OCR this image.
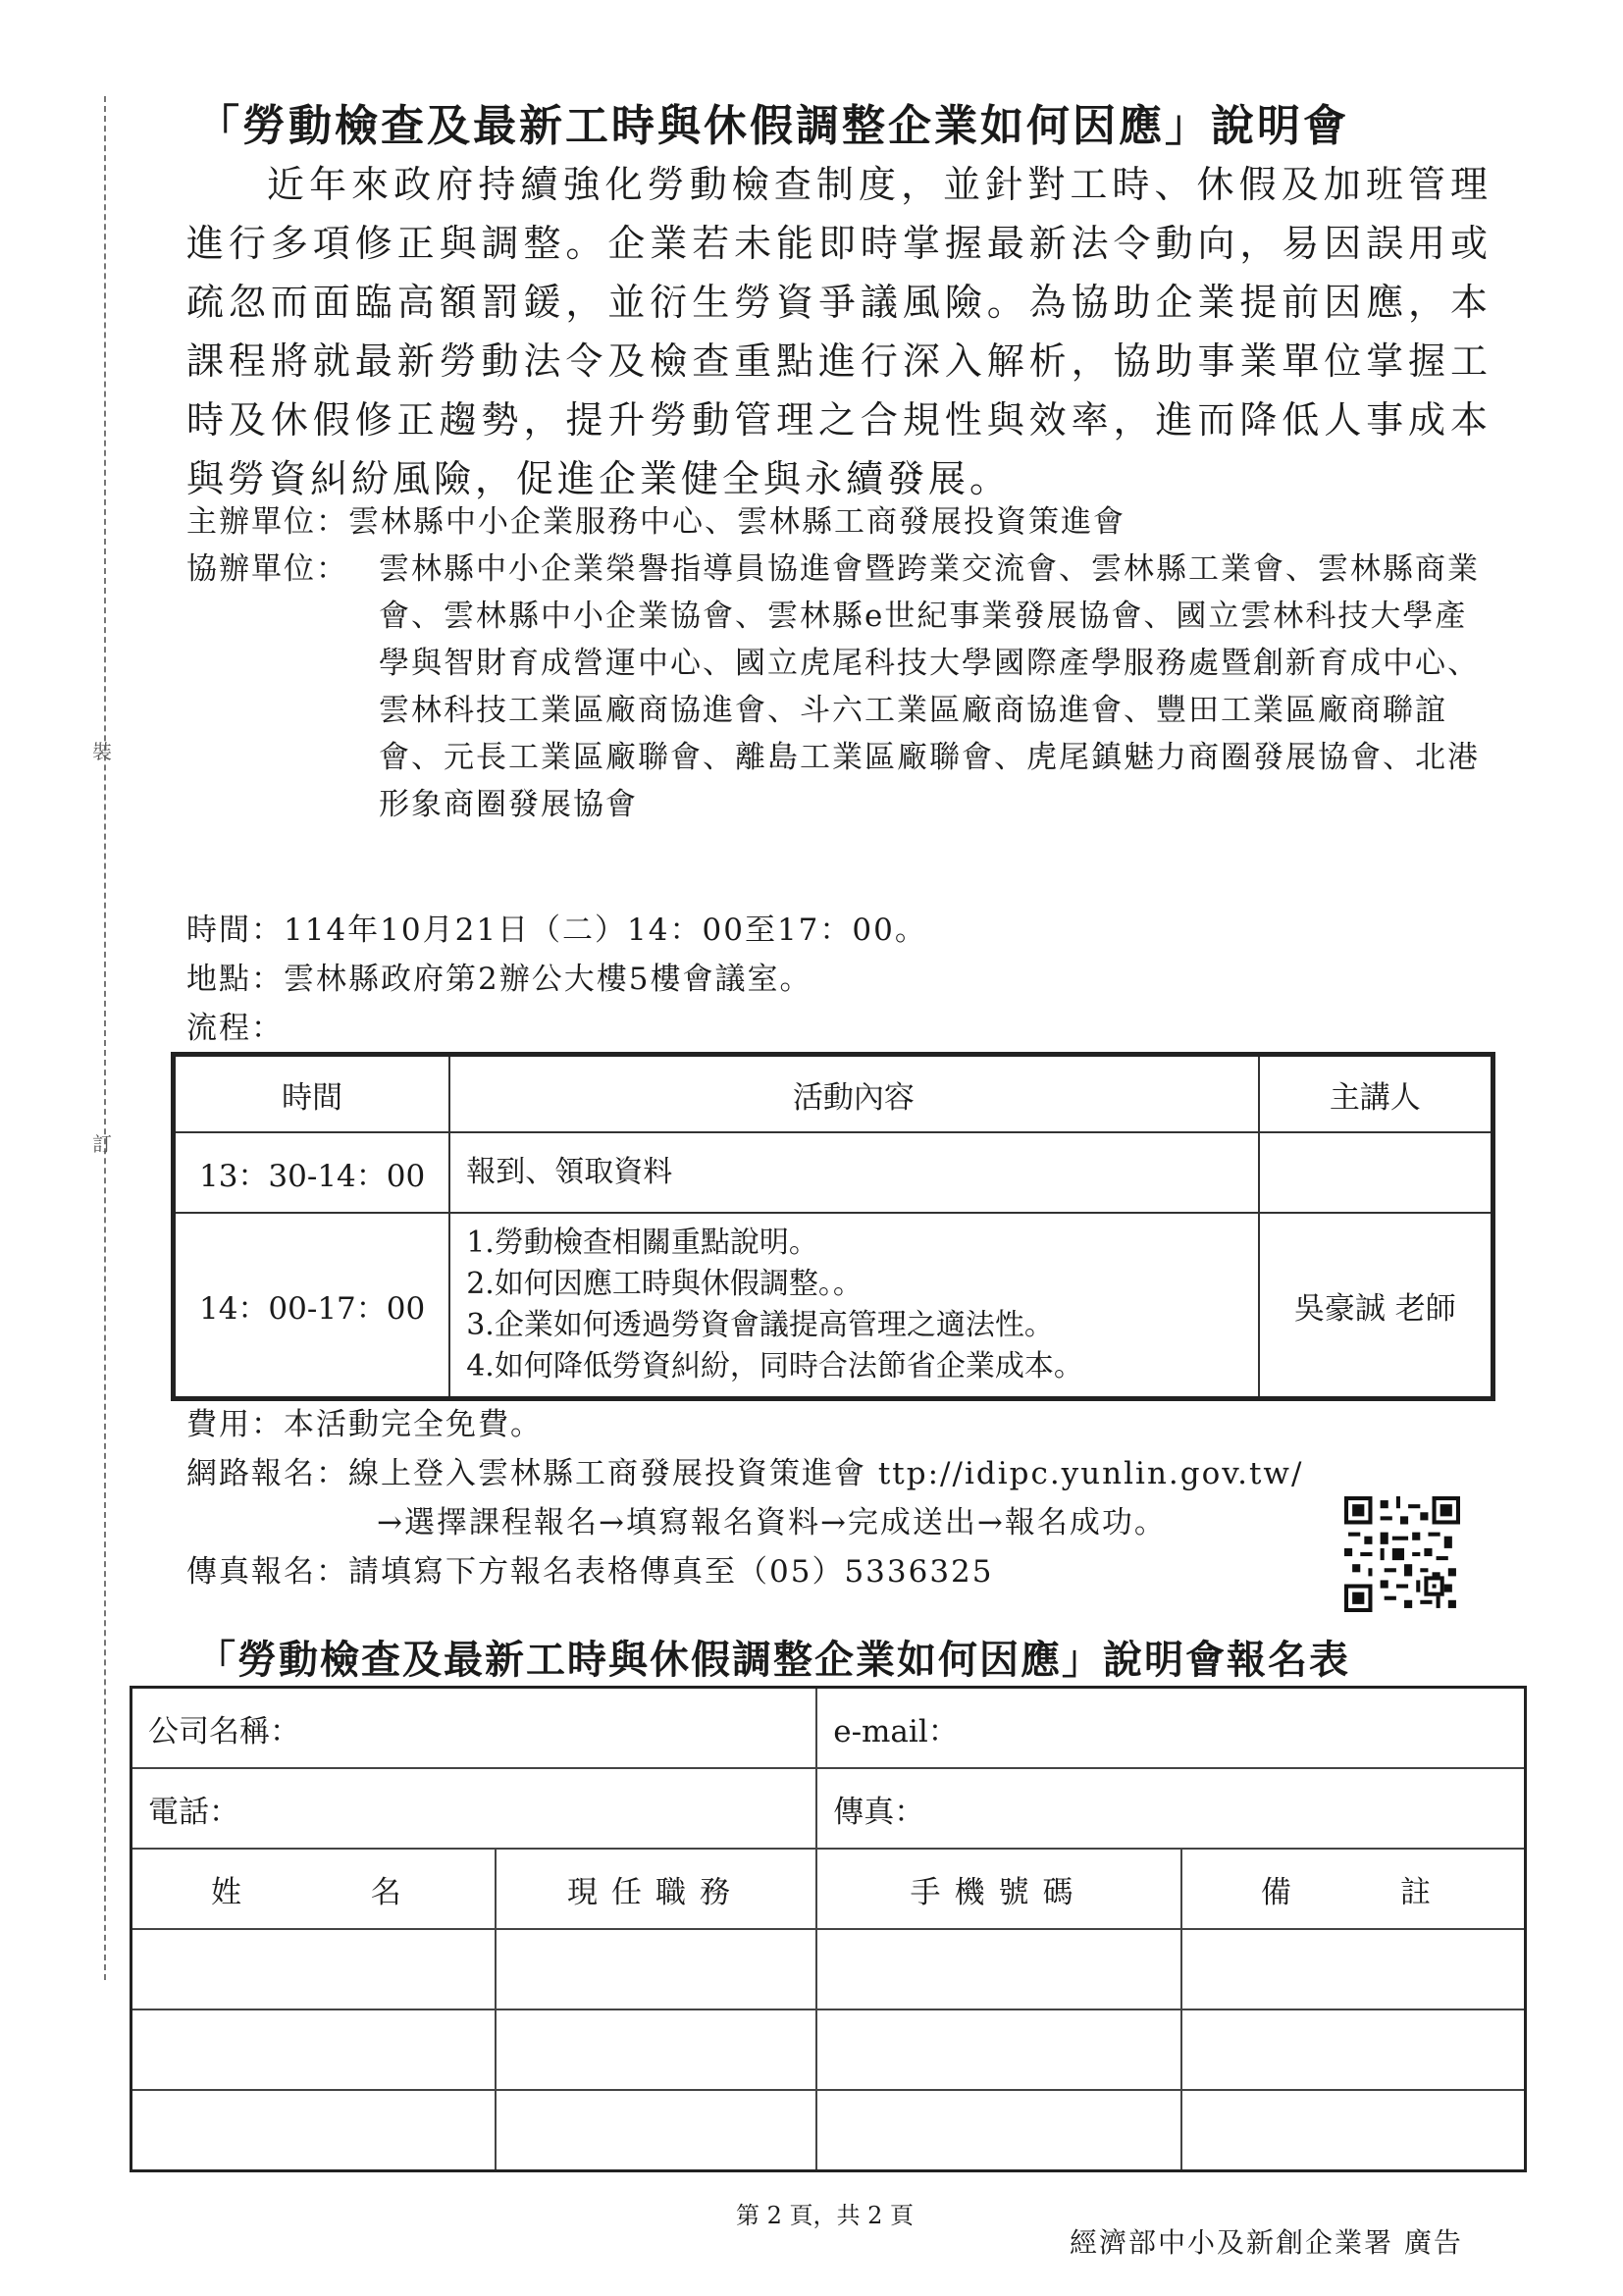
裝
訂
「勞動檢查及最新工時與休假調整企業如何因應」說明會

近年來政府持續強化勞動檢查制度，並針對工時、休假及加班管理進行多項修正與調整。企業若未能即時掌握最新法令動向，易因誤用或疏忽而面臨高額罰鍰，並衍生勞資爭議風險。為協助企業提前因應，本課程將就最新勞動法令及檢查重點進行深入解析，協助事業單位掌握工時及休假修正趨勢，提升勞動管理之合規性與效率，進而降低人事成本與勞資糾紛風險，促進企業健全與永續發展。

主辦單位：雲林縣中小企業服務中心、雲林縣工商發展投資策進會
協辦單位： 雲林縣中小企業榮譽指導員協進會暨跨業交流會、雲林縣工業會、雲林縣商業會、雲林縣中小企業協會、雲林縣e世紀事業發展協會、國立雲林科技大學產學與智財育成營運中心、國立虎尾科技大學國際產學服務處暨創新育成中心、雲林科技工業區廠商協進會、斗六工業區廠商協進會、豐田工業區廠商聯誼會、元長工業區廠聯會、離島工業區廠聯會、虎尾鎮魅力商圈發展協會、北港形象商圈發展協會
時間：114年10月21日（二）14：00至17：00。
地點：雲林縣政府第2辦公大樓5樓會議室。
流程：
時間	活動內容	主講人
13：30-14：00	報到、領取資料	

14：00-17：00	1.勞動檢查相關重點說明。
2.如何因應工時與休假調整。。
3.企業如何透過勞資會議提高管理之適法性。
4.如何降低勞資糾紛，同時合法節省企業成本。	吳豪誠 老師
費用：本活動完全免費。
網路報名：線上登入雲林縣工商發展投資策進會 ttp://idipc.yunlin.gov.tw/
→選擇課程報名→填寫報名資料→完成送出→報名成功。
傳真報名：請填寫下方報名表格傳真至（05）5336325
「勞動檢查及最新工時與休假調整企業如何因應」說明會報名表
公司名稱：		e-mail：	
電話：		傳真：	

姓 名	現任職務	手機號碼	備 註

第 2 頁，共 2 頁
經濟部中小及新創企業署 廣告
